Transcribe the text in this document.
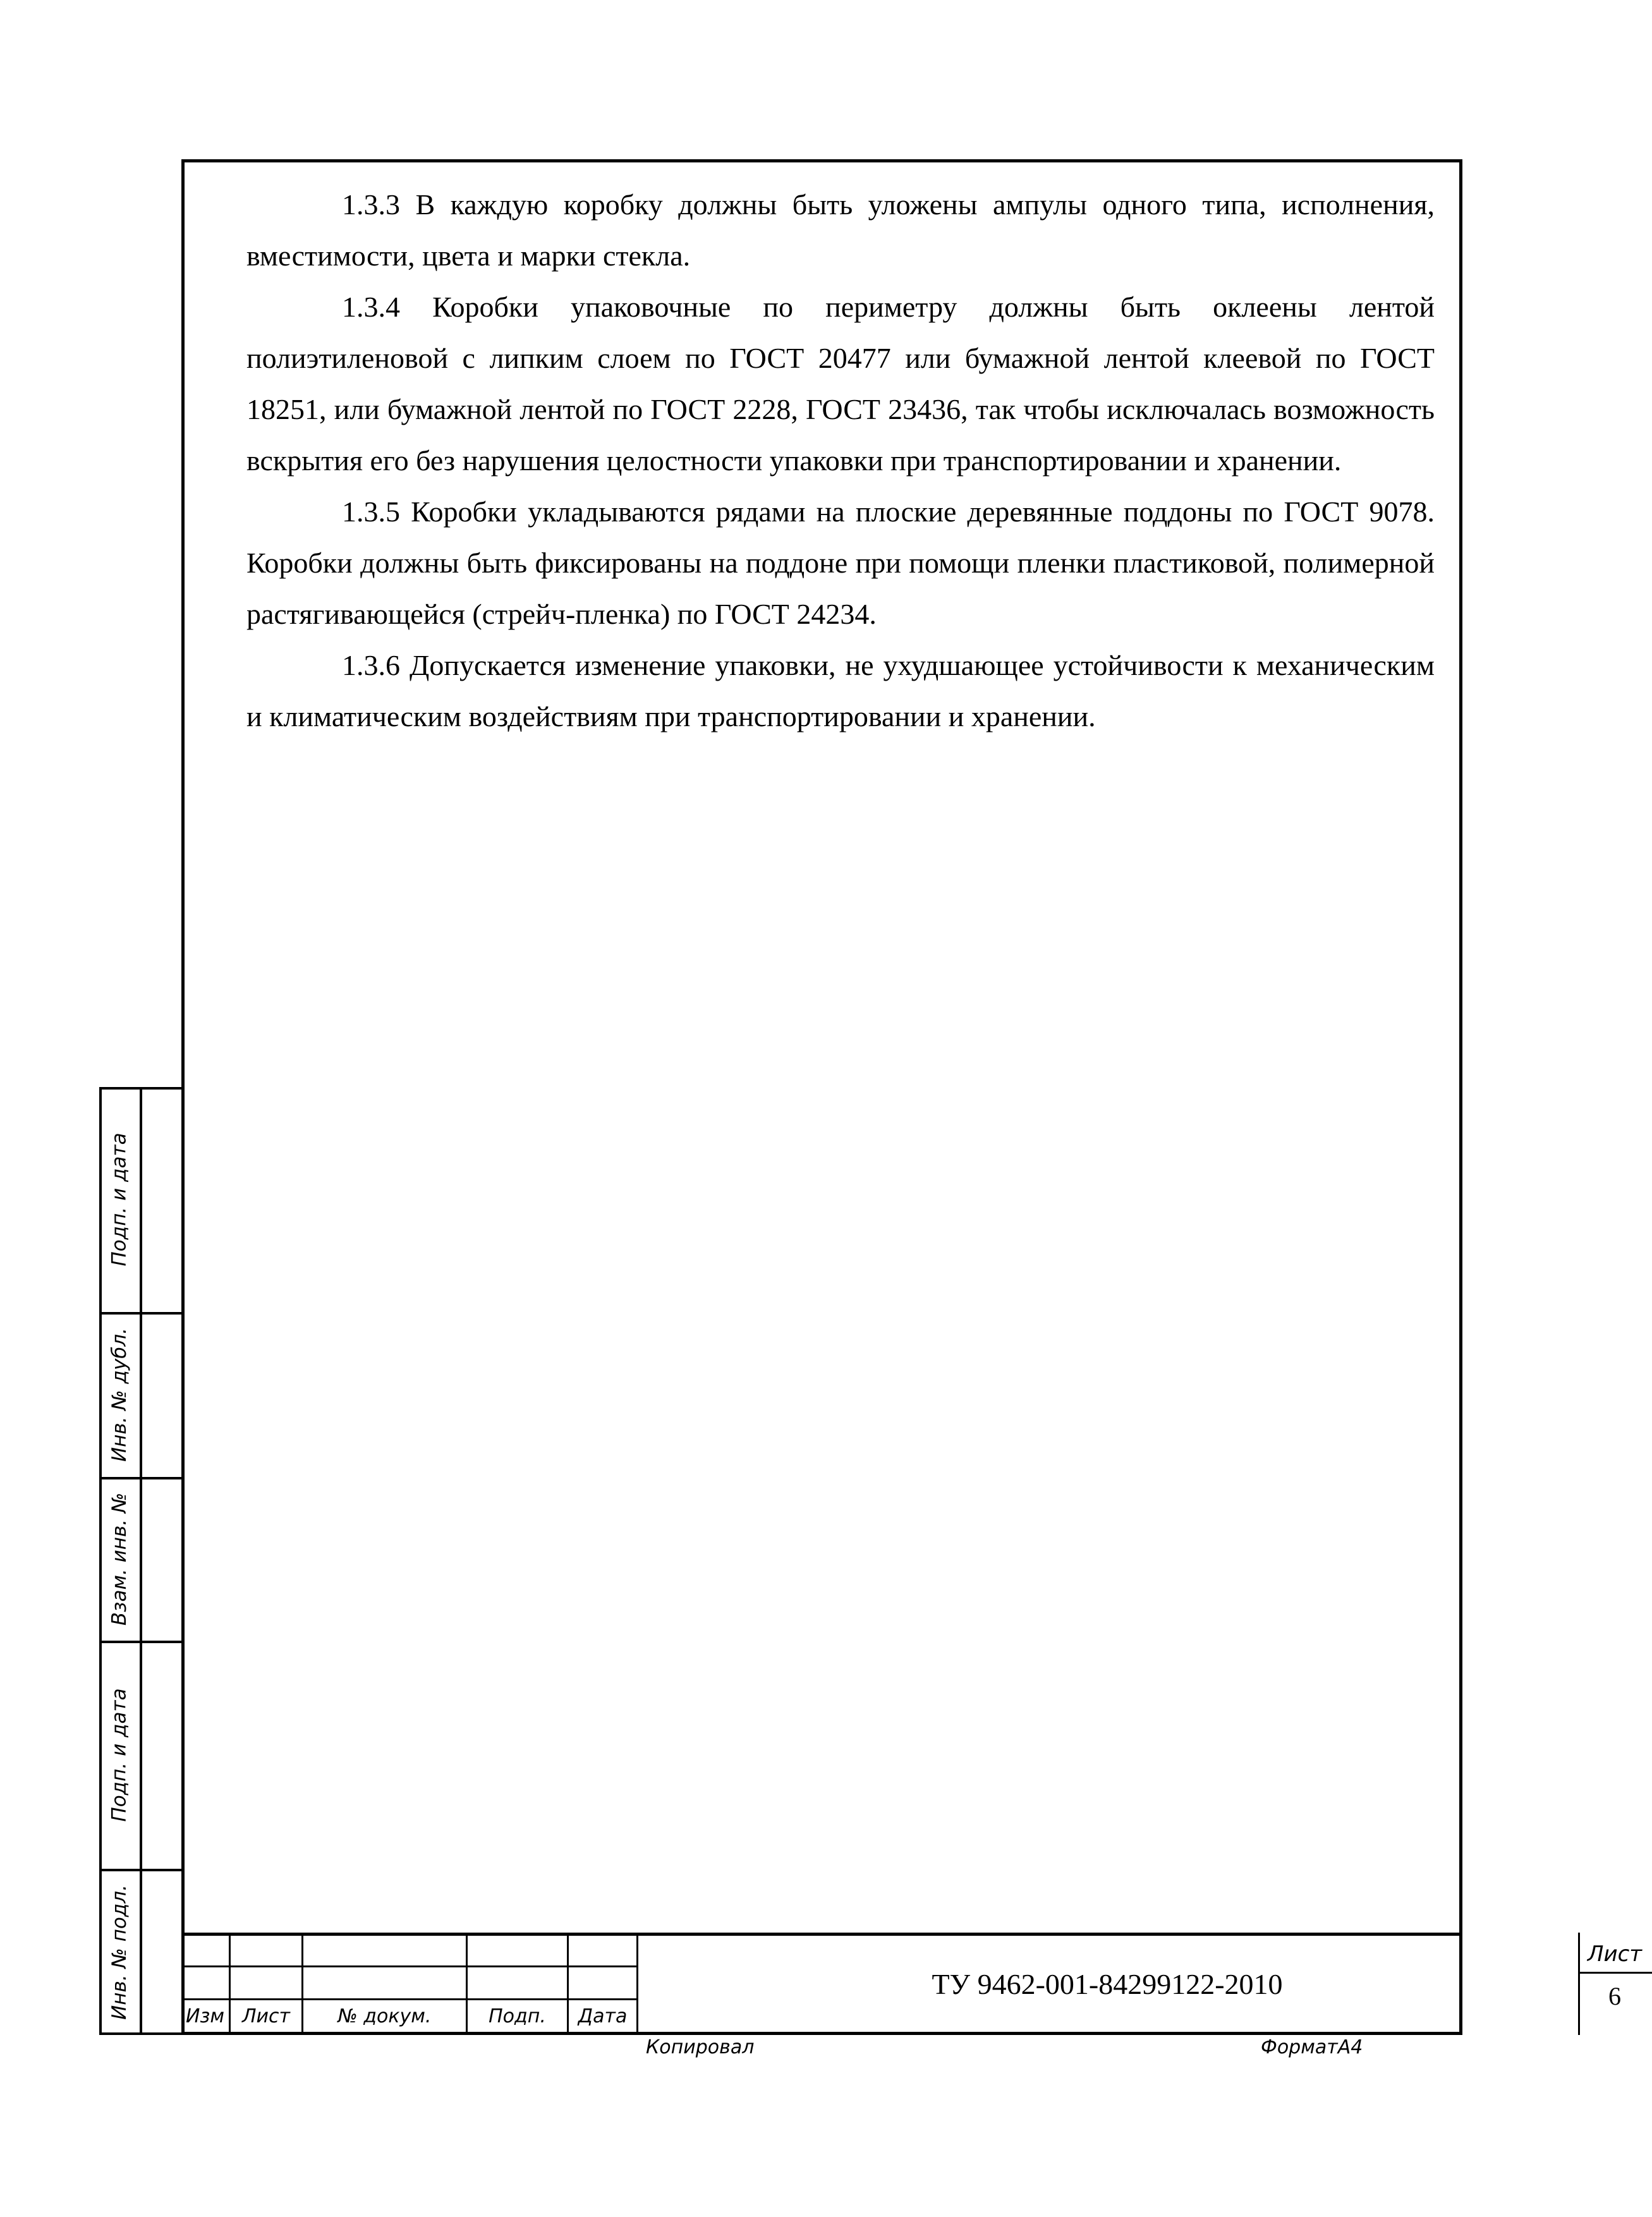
1.3.3 В каждую коробку должны быть уложены ампулы одного типа, исполнения, вместимости, цвета и марки стекла.

1.3.4 Коробки упаковочные по периметру должны быть оклеены лентой полиэтиленовой с липким слоем по ГОСТ 20477 или бумажной лентой клеевой по ГОСТ 18251, или бумажной лентой по ГОСТ 2228, ГОСТ 23436, так чтобы исключалась возможность вскрытия его без нарушения целостности упаковки при транспортировании и хранении.

1.3.5 Коробки укладываются рядами на плоские деревянные поддоны по ГОСТ 9078. Коробки должны быть фиксированы на поддоне при помощи пленки пластиковой, полимерной растягивающейся (стрейч-пленка) по ГОСТ 24234.

1.3.6 Допускается изменение упаковки, не ухудшающее устойчивости к механическим и климатическим воздействиям при транспортировании и хранении.

Подп. и дата
Инв. № дубл.
Взам. инв. №
Подп. и дата
Инв. № подл.	Изм Лист	№ докум.	Подп.	Дата
ТУ 9462-001-84299122-2010
Лист
6
Копировал	ФорматА4
